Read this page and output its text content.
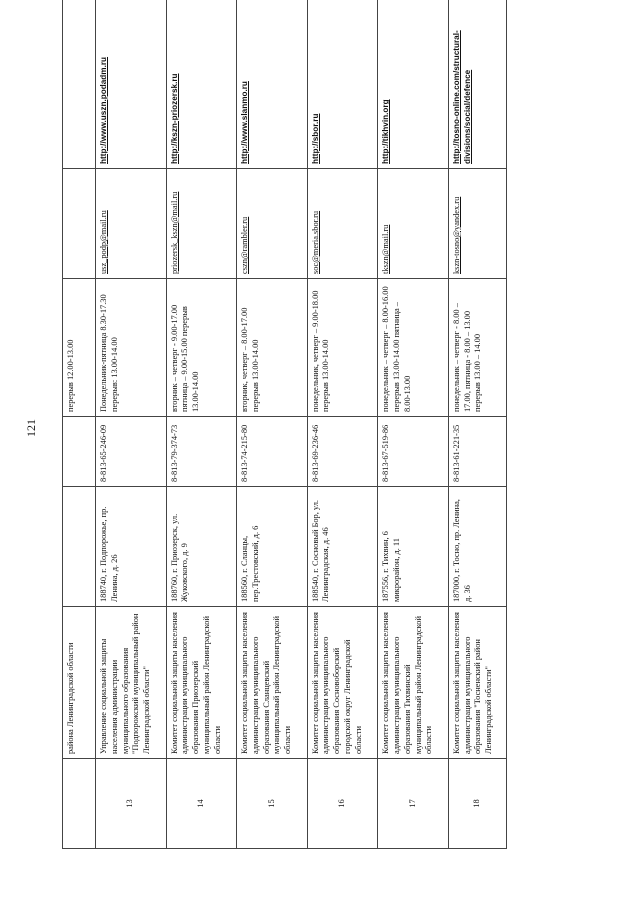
121
	района Ленинградской области			перерыв 12.00-13.00		
13	Управление социальной защиты населения администрации муниципального образования "Подпорожский муниципальный район Ленинградской области"	188740, г. Подпорожье, пр. Ленина, д. 26	8-813-65-246-09	Понедельник-пятница 8.30-17.30 перерыв: 13.00-14.00	usz_podp@mail.ru	http://www.uszn.podadm.ru
14	Комитет социальной защиты населения администрации муниципального образования Приозерский муниципальный район Ленинградской области	188760, г. Приозерск, ул. Жуковского, д. 9	8-813-79-374-73	вторник – четверг - 9.00-17.00 пятница – 9.00-15.00 перерыв 13.00-14.00	priozersk_kszn@mail.ru	http://kszn-priozersk.ru
15	Комитет социальной защиты населения администрации муниципального образования Сланцевский муниципальный район Ленинградской области	188560, г. Сланцы, пер.Трестовский, д. 6	8-813-74-215-80	вторник, четверг – 8.00-17.00 перерыв 13.00-14.00	cszn@rambler.ru	http://www.slanmo.ru
16	Комитет социальной защиты населения администрации муниципального образования Сосновоборский городской округ Ленинградской области	188540, г. Сосновый Бор, ул. Ленинградская, д. 46	8-813-69-236-46	понедельник, четверг – 9.00-18.00 перерыв 13.00-14.00	soc@meria.sbor.ru	http://sbor.ru
17	Комитет социальной защиты населения администрации муниципального образования Тихвинский муниципальный район Ленинградской области	187556, г. Тихвин, 6 микрорайон, д. 11	8-813-67-519-86	понедельник – четверг – 8.00-16.00 перерыв 13.00-14.00 пятница – 8.00-13.00	tkszn@mail.ru	http://tikhvin.org
18	Комитет социальной защиты населения администрации муниципального образования "Тосненский район Ленинградской области"	187000, г. Тосно, пр. Ленина, д. 36	8-813-61-221-35	понедельник – четверг - 8.00 – 17.00, пятница - 8.00 – 13.00 перерыв 13.00 – 14.00	kszn-tosno@yandex.ru	http://tosno-online.com/structural-divisions/social/defence
